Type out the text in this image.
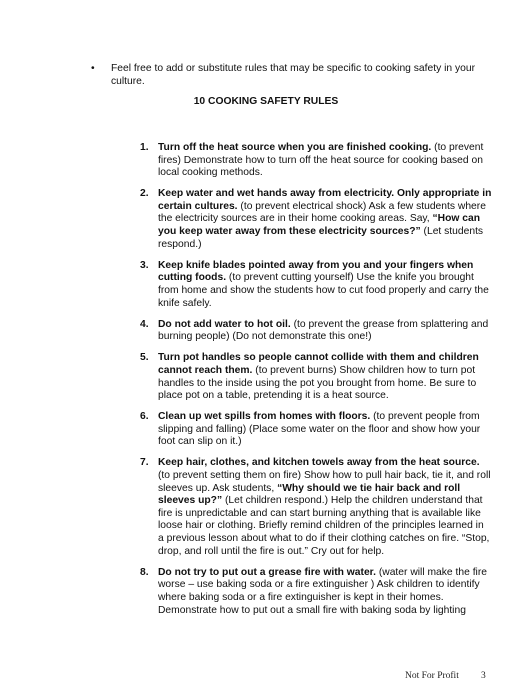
• Feel free to add or substitute rules that may be specific to cooking safety in your culture.
10 COOKING SAFETY RULES
1. Turn off the heat source when you are finished cooking. (to prevent fires) Demonstrate how to turn off the heat source for cooking based on local cooking methods.
2. Keep water and wet hands away from electricity. Only appropriate in certain cultures. (to prevent electrical shock) Ask a few students where the electricity sources are in their home cooking areas. Say, “How can you keep water away from these electricity sources?” (Let students respond.)
3. Keep knife blades pointed away from you and your fingers when cutting foods. (to prevent cutting yourself) Use the knife you brought from home and show the students how to cut food properly and carry the knife safely.
4. Do not add water to hot oil. (to prevent the grease from splattering and burning people) (Do not demonstrate this one!)
5. Turn pot handles so people cannot collide with them and children cannot reach them. (to prevent burns) Show children how to turn pot handles to the inside using the pot you brought from home. Be sure to place pot on a table, pretending it is a heat source.
6. Clean up wet spills from homes with floors. (to prevent people from slipping and falling) (Place some water on the floor and show how your foot can slip on it.)
7. Keep hair, clothes, and kitchen towels away from the heat source. (to prevent setting them on fire) Show how to pull hair back, tie it, and roll sleeves up. Ask students, “Why should we tie hair back and roll sleeves up?” (Let children respond.) Help the children understand that fire is unpredictable and can start burning anything that is available like loose hair or clothing. Briefly remind children of the principles learned in a previous lesson about what to do if their clothing catches on fire. “Stop, drop, and roll until the fire is out.” Cry out for help.
8. Do not try to put out a grease fire with water. (water will make the fire worse – use baking soda or a fire extinguisher ) Ask children to identify where baking soda or a fire extinguisher is kept in their homes. Demonstrate how to put out a small fire with baking soda by lighting
Not For Profit 3
